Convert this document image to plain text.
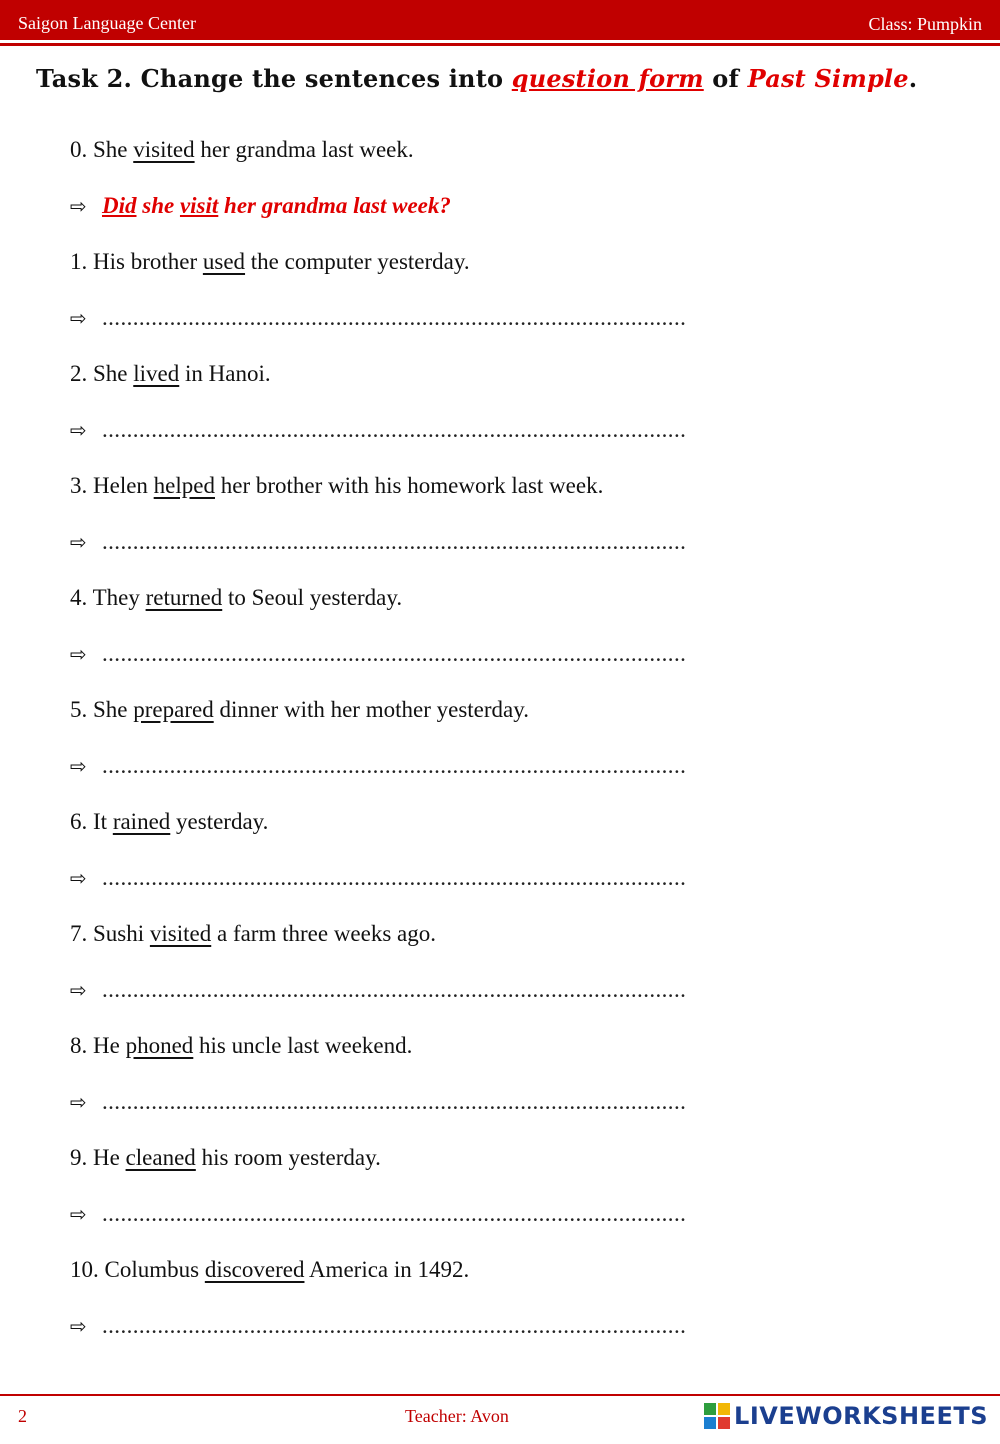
Saigon Language Center	Class: Pumpkin
Task 2. Change the sentences into question form of Past Simple.
0. She visited her grandma last week.
⇨ Did she visit her grandma last week?
1. His brother used the computer yesterday.
⇨ ...............................................................................................
2. She lived in Hanoi.
⇨ ...............................................................................................
3. Helen helped her brother with his homework last week.
⇨ ...............................................................................................
4. They returned to Seoul yesterday.
⇨ ...............................................................................................
5. She prepared dinner with her mother yesterday.
⇨ ...............................................................................................
6. It rained yesterday.
⇨ ...............................................................................................
7. Sushi visited a farm three weeks ago.
⇨ ...............................................................................................
8. He phoned his uncle last weekend.
⇨ ...............................................................................................
9. He cleaned his room yesterday.
⇨ ...............................................................................................
10. Columbus discovered America in 1492.
⇨ ...............................................................................................
2	Teacher: Avon	LIVEWORKSHEETS
